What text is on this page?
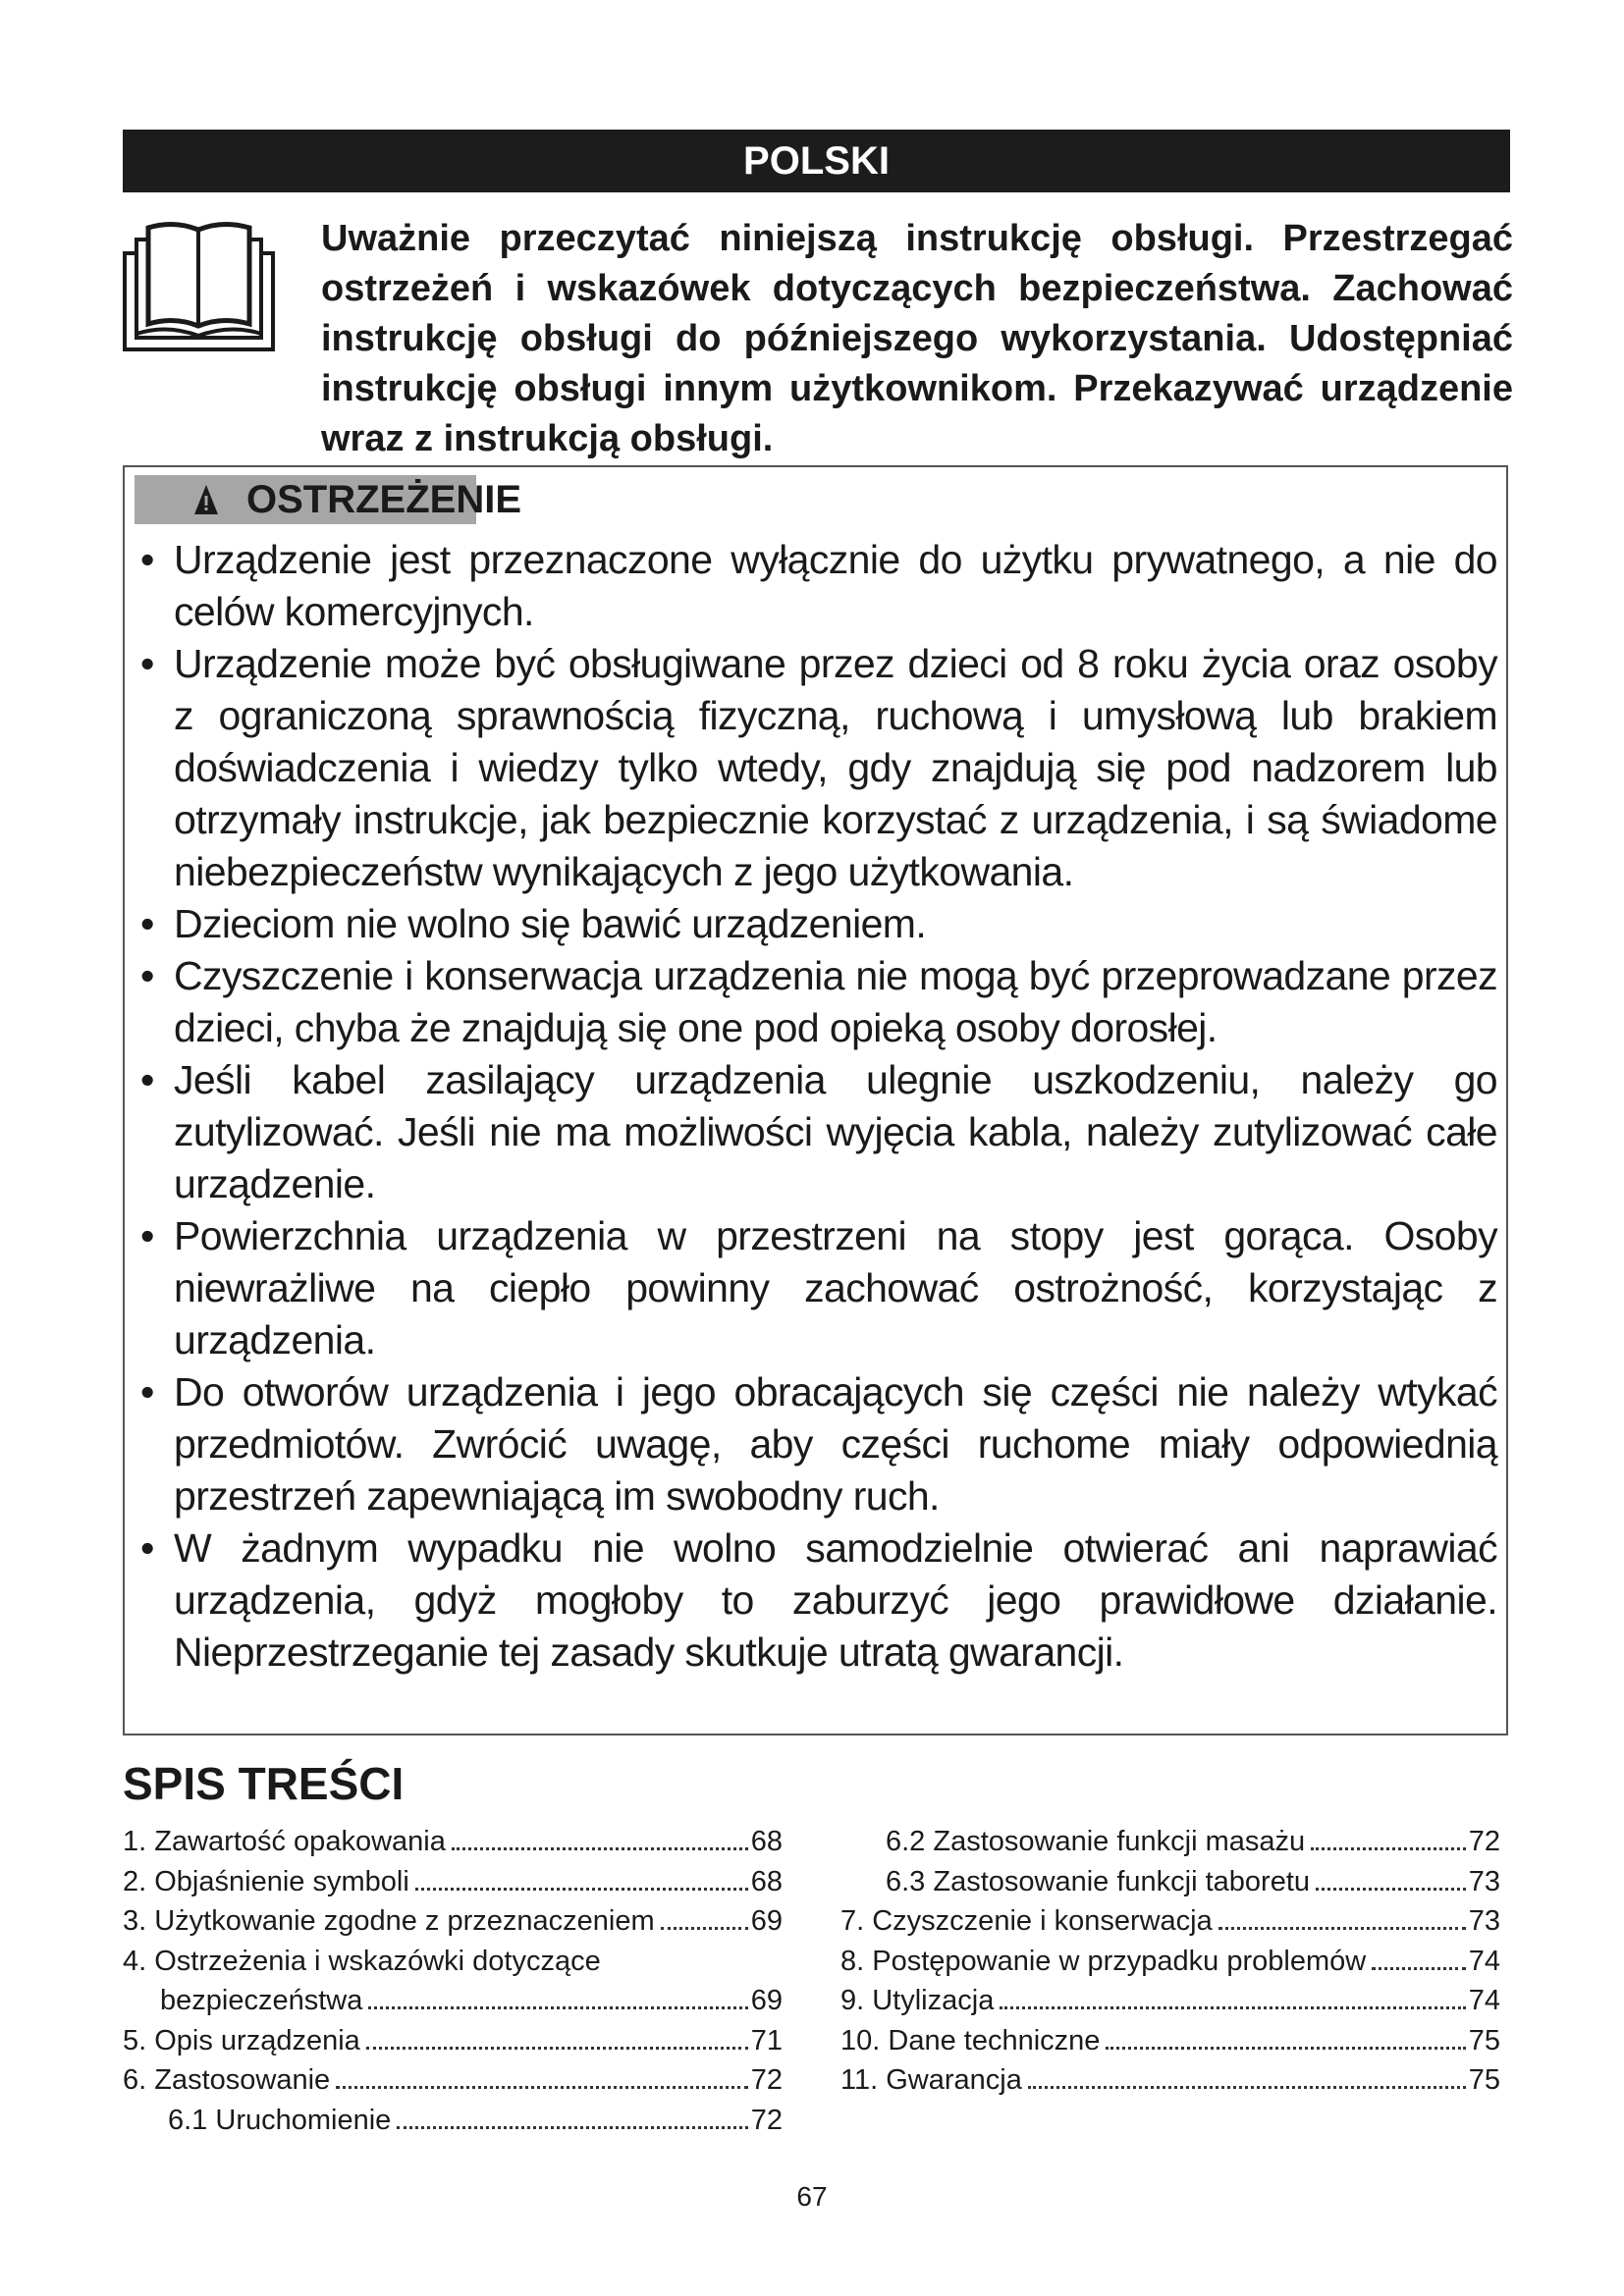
POLSKI
Uważnie przeczytać niniejszą instrukcję obsługi. Przestrzegać ostrzeżeń i wskazówek dotyczących bezpieczeństwa. Zachować instrukcję obsługi do późniejszego wykorzystania. Udostępniać instrukcję obsługi innym użytkownikom. Przekazywać urządzenie wraz z instrukcją obsługi.
OSTRZEŻENIE
• Urządzenie jest przeznaczone wyłącznie do użytku prywatnego, a nie do celów komercyjnych.
• Urządzenie może być obsługiwane przez dzieci od 8 roku życia oraz osoby z ograniczoną sprawnością fizyczną, ruchową i umysłową lub brakiem doświadczenia i wiedzy tylko wtedy, gdy znajdują się pod nadzorem lub otrzymały instrukcje, jak bezpiecznie korzystać z urządzenia, i są świadome niebezpieczeństw wynikających z jego użytkowania.
• Dzieciom nie wolno się bawić urządzeniem.
• Czyszczenie i konserwacja urządzenia nie mogą być przeprowadzane przez dzieci, chyba że znajdują się one pod opieką osoby dorosłej.
• Jeśli kabel zasilający urządzenia ulegnie uszkodzeniu, należy go zutylizować. Jeśli nie ma możliwości wyjęcia kabla, należy zutylizować całe urządzenie.
• Powierzchnia urządzenia w przestrzeni na stopy jest gorąca. Osoby niewrażliwe na ciepło powinny zachować ostrożność, korzystając z urządzenia.
• Do otworów urządzenia i jego obracających się części nie należy wtykać przedmiotów. Zwrócić uwagę, aby części ruchome miały odpowiednią przestrzeń zapewniającą im swobodny ruch.
• W żadnym wypadku nie wolno samodzielnie otwierać ani naprawiać urządzenia, gdyż mogłoby to zaburzyć jego prawidłowe działanie. Nieprzestrzeganie tej zasady skutkuje utratą gwarancji.
SPIS TREŚCI
1. Zawartość opakowania	68
2. Objaśnienie symboli	68
3. Użytkowanie zgodne z przeznaczeniem	69
4. Ostrzeżenia i wskazówki dotyczące
bezpieczeństwa	69
5. Opis urządzenia	71
6. Zastosowanie	72
6.1 Uruchomienie	72
6.2 Zastosowanie funkcji masażu	72
6.3 Zastosowanie funkcji taboretu	73
7. Czyszczenie i konserwacja	73
8. Postępowanie w przypadku problemów	74
9. Utylizacja	74
10. Dane techniczne	75
11. Gwarancja	75
67
